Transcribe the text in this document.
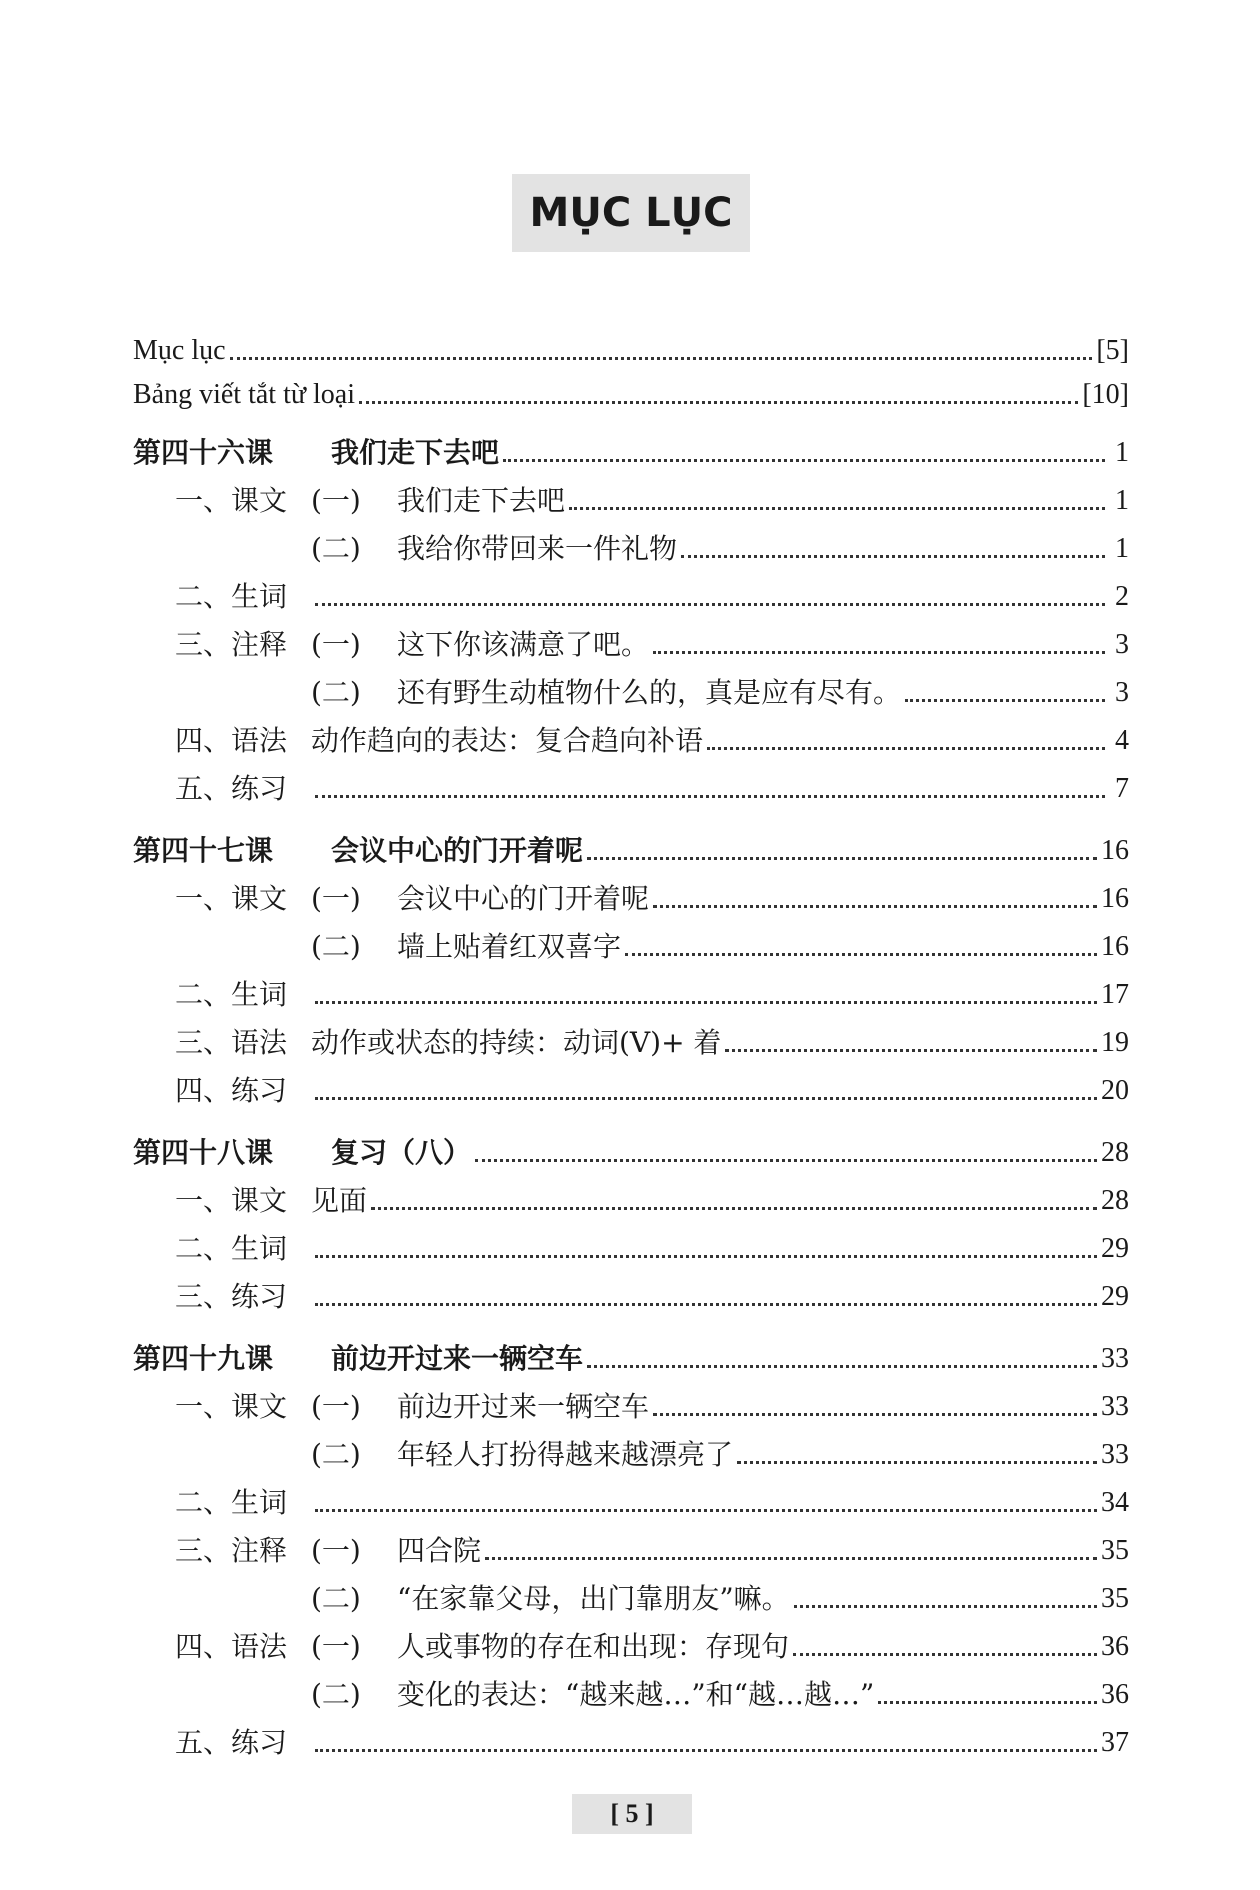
MỤC LỤC
Mục lục	[5]
Bảng viết tắt từ loại	[10]
第四十六课	我们走下去吧	1
一、课文 (一)	我们走下去吧	1
(二)	我给你带回来一件礼物	1
二、生词	2
三、注释 (一)	这下你该满意了吧。	3
(二)	还有野生动植物什么的，真是应有尽有。	3
四、语法 动作趋向的表达：复合趋向补语	4
五、练习	7
第四十七课	会议中心的门开着呢	16
一、课文 (一)	会议中心的门开着呢	16
(二)	墙上贴着红双喜字	16
二、生词	17
三、语法 动作或状态的持续：动词(V)+ 着	19
四、练习	20
第四十八课	复习（八）	28
一、课文 见面	28
二、生词	29
三、练习	29
第四十九课	前边开过来一辆空车	33
一、课文 (一)	前边开过来一辆空车	33
(二)	年轻人打扮得越来越漂亮了	33
二、生词	34
三、注释 (一)	四合院	35
(二)	“在家靠父母，出门靠朋友”嘛。	35
四、语法 (一)	人或事物的存在和出现：存现句	36
(二)	变化的表达：“越来越…”和“越…越…”	36
五、练习	37
[ 5 ]
